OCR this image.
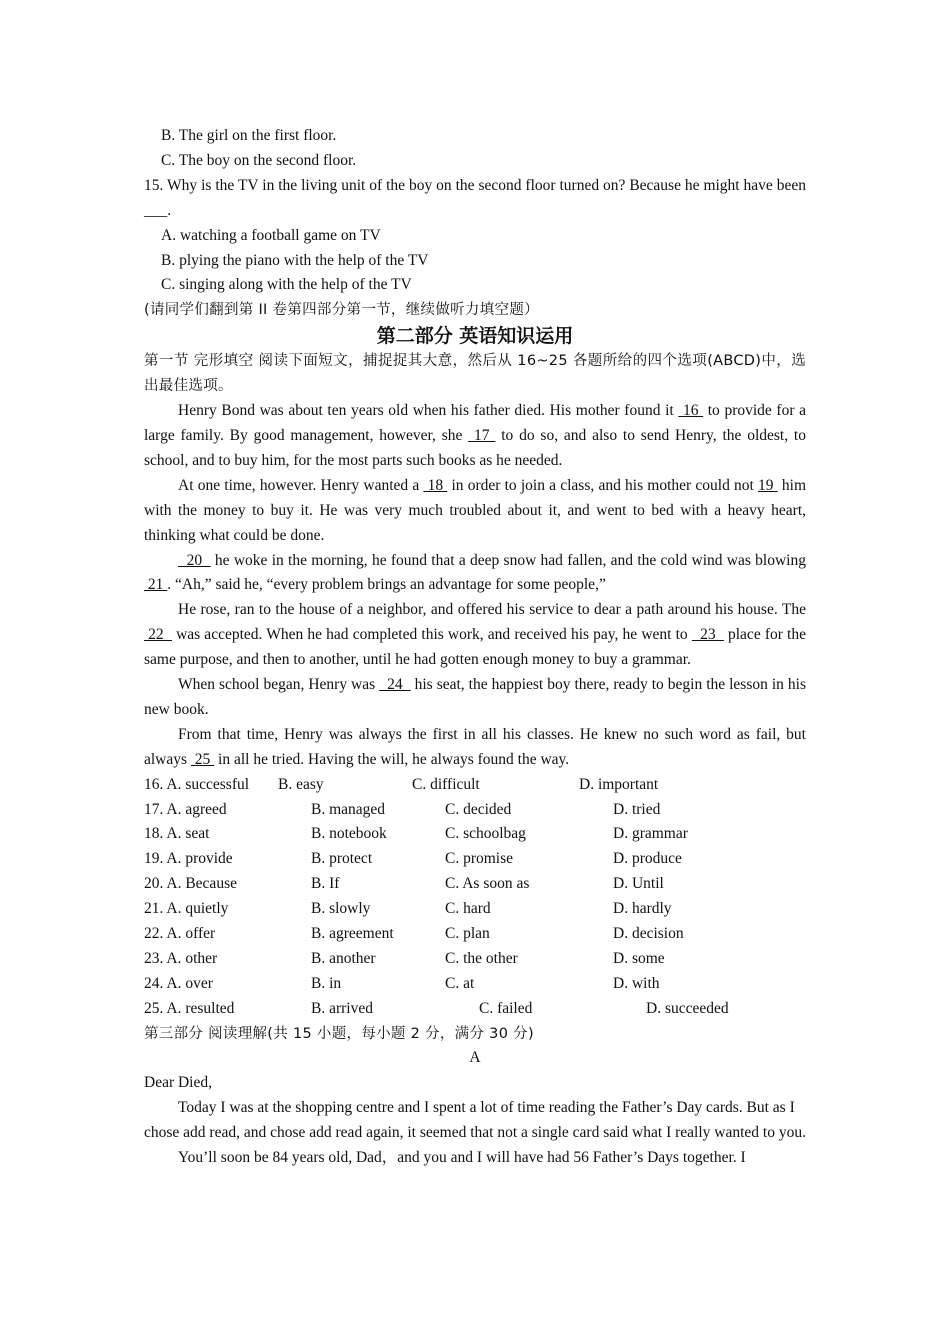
B. The girl on the first floor.
C. The boy on the second floor.
15. Why is the TV in the living unit of the boy on the second floor turned on? Because he might have been ___.
A. watching a football game on TV
B. plying the piano with the help of the TV
C. singing along with the help of the TV
(请同学们翻到第 II 卷第四部分第一节，继续做听力填空题）
第二部分 英语知识运用
第一节 完形填空 阅读下面短文，捕捉捉其大意，然后从 16~25 各题所给的四个选项(ABCD)中，选出最佳选项。
Henry Bond was about ten years old when his father died. His mother found it  16  to provide for a large family. By good management, however, she  17  to do so, and also to send Henry, the oldest, to school, and to buy him, for the most parts such books as he needed.
At one time, however. Henry wanted a  18  in order to join a class, and his mother could not 19  him with the money to buy it. He was very much troubled about it, and went to bed with a heavy heart, thinking what could be done.
20   he woke in the morning, he found that a deep snow had fallen, and the cold wind was blowing  21 . “Ah,” said he, “every problem brings an advantage for some people,”
He rose, ran to the house of a neighbor, and offered his service to dear a path around his house. The  22   was accepted. When he had completed this work, and received his pay, he went to   23   place for the same purpose, and then to another, until he had gotten enough money to buy a grammar.
When school began, Henry was   24   his seat, the happiest boy there, ready to begin the lesson in his new book.
From that time, Henry was always the first in all his classes. He knew no such word as fail, but always  25  in all he tried. Having the will, he always found the way.
16. A. successful B. easy	C. difficult	D. important
17. A. agreed	B. managed	C. decided	D. tried
18. A. seat	B. notebook	C. schoolbag	D. grammar
19. A. provide	B. protect	C. promise	D. produce
20. A. Because	B. If	C. As soon as	D. Until
21. A. quietly	B. slowly	C. hard	D. hardly
22. A. offer	B. agreement	C. plan	D. decision
23. A. other	B. another	C. the other	D. some
24. A. over	B. in	C. at	D. with
25. A. resulted	B. arrived	C. failed	D. succeeded
第三部分 阅读理解(共 15 小题，每小题 2 分，满分 30 分)
A
Dear Died,
Today I was at the shopping centre and I spent a lot of time reading the Father’s Day cards. But as I chose add read, and chose add read again, it seemed that not a single card said what I really wanted to you.
You’ll soon be 84 years old, Dad，and you and I will have had 56 Father’s Days together. I
